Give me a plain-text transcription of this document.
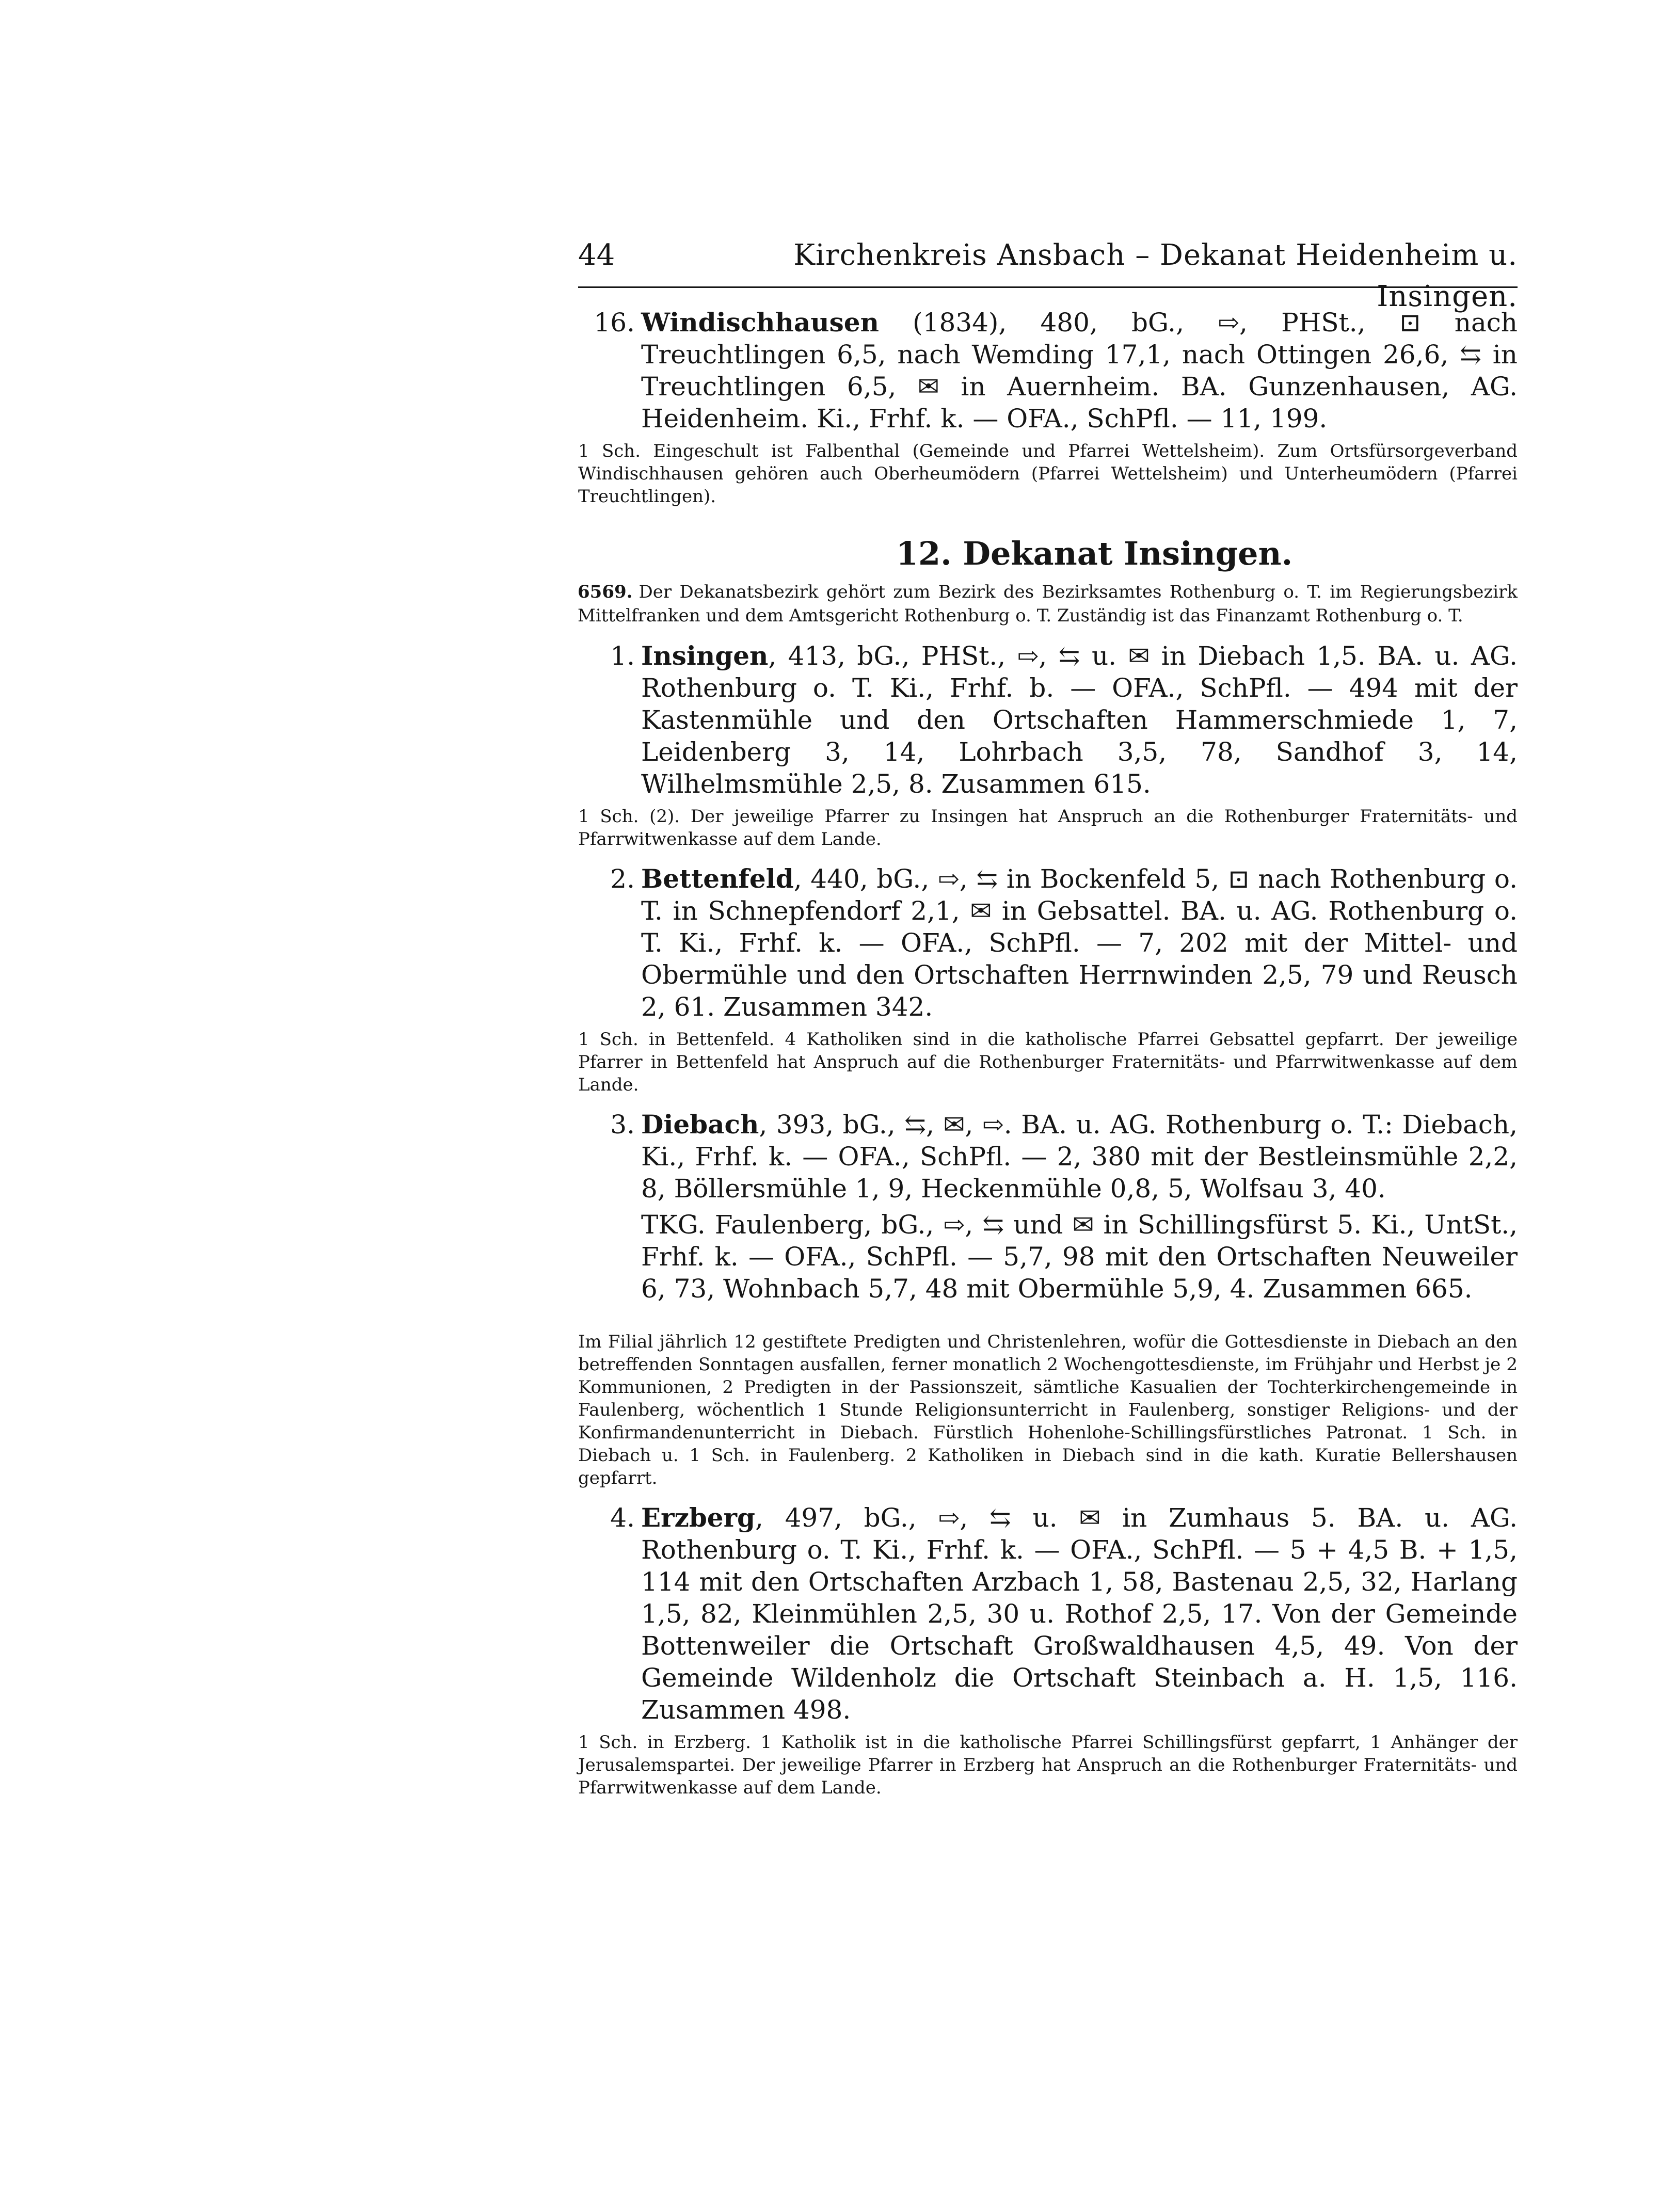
44	Kirchenkreis Ansbach – Dekanat Heidenheim u. Insingen.
16. Windischhausen (1834), 480, bG., ⇨, PHSt., ⊡ nach Treuchtlingen 6,5, nach Wemding 17,1, nach Ottingen 26,6, ⇆ in Treuchtlingen 6,5, ✉ in Auernheim. BA. Gunzenhausen, AG. Heidenheim. Ki., Frhf. k. — OFA., SchPfl. — 11, 199.

1 Sch. Eingeschult ist Falbenthal (Gemeinde und Pfarrei Wettelsheim). Zum Ortsfürsorgeverband Windischhausen gehören auch Oberheumödern (Pfarrei Wettelsheim) und Unterheumödern (Pfarrei Treuchtlingen).

12. Dekanat Insingen.

6569. Der Dekanatsbezirk gehört zum Bezirk des Bezirksamtes Rothenburg o. T. im Regierungsbezirk Mittelfranken und dem Amtsgericht Rothenburg o. T. Zuständig ist das Finanzamt Rothenburg o. T.

1. Insingen, 413, bG., PHSt., ⇨, ⇆ u. ✉ in Diebach 1,5. BA. u. AG. Rothenburg o. T. Ki., Frhf. b. — OFA., SchPfl. — 494 mit der Kastenmühle und den Ortschaften Hammerschmiede 1, 7, Leidenberg 3, 14, Lohrbach 3,5, 78, Sandhof 3, 14, Wilhelmsmühle 2,5, 8. Zusammen 615.

1 Sch. (2). Der jeweilige Pfarrer zu Insingen hat Anspruch an die Rothenburger Fraternitäts- und Pfarrwitwenkasse auf dem Lande.

2. Bettenfeld, 440, bG., ⇨, ⇆ in Bockenfeld 5, ⊡ nach Rothenburg o. T. in Schnepfendorf 2,1, ✉ in Gebsattel. BA. u. AG. Rothenburg o. T. Ki., Frhf. k. — OFA., SchPfl. — 7, 202 mit der Mittel- und Obermühle und den Ortschaften Herrnwinden 2,5, 79 und Reusch 2, 61. Zusammen 342.

1 Sch. in Bettenfeld. 4 Katholiken sind in die katholische Pfarrei Gebsattel gepfarrt. Der jeweilige Pfarrer in Bettenfeld hat Anspruch auf die Rothenburger Fraternitäts- und Pfarrwitwenkasse auf dem Lande.

3. Diebach, 393, bG., ⇆, ✉, ⇨. BA. u. AG. Rothenburg o. T.: Diebach, Ki., Frhf. k. — OFA., SchPfl. — 2, 380 mit der Bestleinsmühle 2,2, 8, Böllersmühle 1, 9, Heckenmühle 0,8, 5, Wolfsau 3, 40.

TKG. Faulenberg, bG., ⇨, ⇆ und ✉ in Schillingsfürst 5. Ki., UntSt., Frhf. k. — OFA., SchPfl. — 5,7, 98 mit den Ortschaften Neuweiler 6, 73, Wohnbach 5,7, 48 mit Obermühle 5,9, 4. Zusammen 665.

Im Filial jährlich 12 gestiftete Predigten und Christenlehren, wofür die Gottesdienste in Diebach an den betreffenden Sonntagen ausfallen, ferner monatlich 2 Wochengottesdienste, im Frühjahr und Herbst je 2 Kommunionen, 2 Predigten in der Passionszeit, sämtliche Kasualien der Tochterkirchengemeinde in Faulenberg, wöchentlich 1 Stunde Religionsunterricht in Faulenberg, sonstiger Religions- und der Konfirmandenunterricht in Diebach. Fürstlich Hohenlohe-Schillingsfürstliches Patronat. 1 Sch. in Diebach u. 1 Sch. in Faulenberg. 2 Katholiken in Diebach sind in die kath. Kuratie Bellershausen gepfarrt.

4. Erzberg, 497, bG., ⇨, ⇆ u. ✉ in Zumhaus 5. BA. u. AG. Rothenburg o. T. Ki., Frhf. k. — OFA., SchPfl. — 5 + 4,5 B. + 1,5, 114 mit den Ortschaften Arzbach 1, 58, Bastenau 2,5, 32, Harlang 1,5, 82, Kleinmühlen 2,5, 30 u. Rothof 2,5, 17. Von der Gemeinde Bottenweiler die Ortschaft Großwaldhausen 4,5, 49. Von der Gemeinde Wildenholz die Ortschaft Steinbach a. H. 1,5, 116. Zusammen 498.

1 Sch. in Erzberg. 1 Katholik ist in die katholische Pfarrei Schillingsfürst gepfarrt, 1 Anhänger der Jerusalemspartei. Der jeweilige Pfarrer in Erzberg hat Anspruch an die Rothenburger Fraternitäts- und Pfarrwitwenkasse auf dem Lande.
